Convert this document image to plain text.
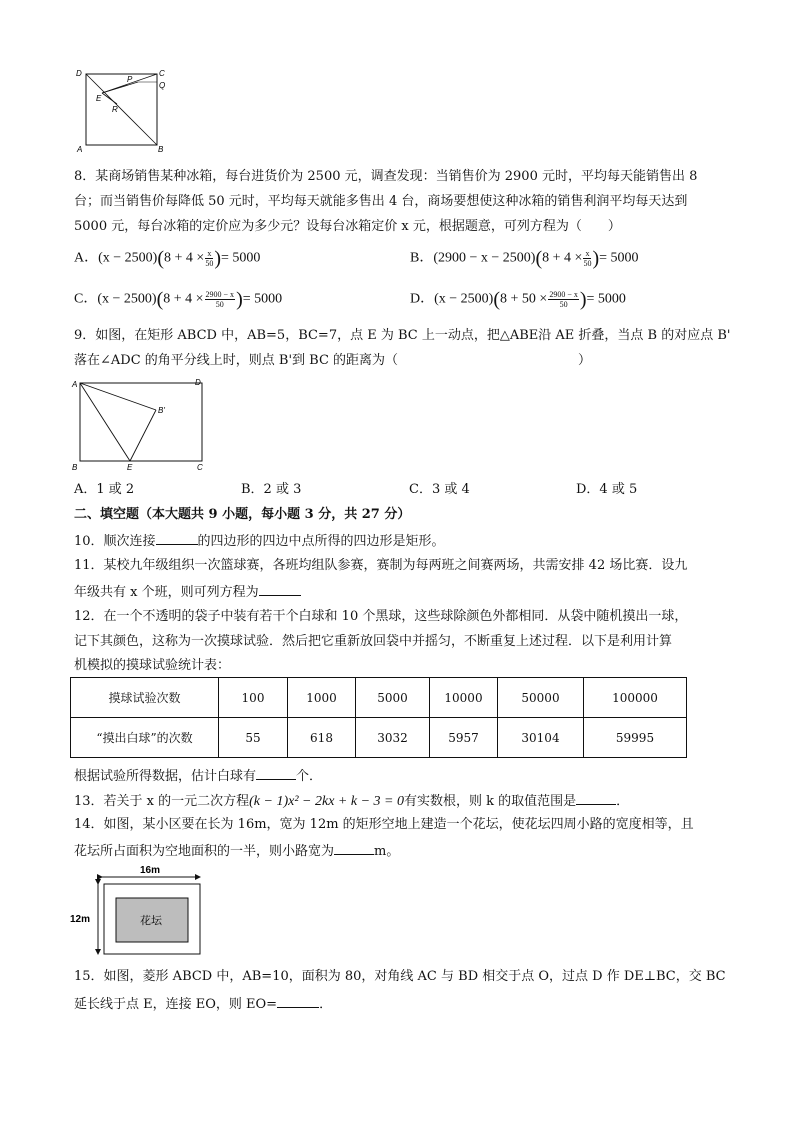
D	C
P
Q
E
R
A	B
8．某商场销售某种冰箱，每台进货价为 2500 元，调查发现：当销售价为 2900 元时，平均每天能销售出 8
台；而当销售价每降低 50 元时，平均每天就能多售出 4 台，商场要想使这种冰箱的销售利润平均每天达到
5000 元，每台冰箱的定价应为多少元？设每台冰箱定价 x 元，根据题意，可列方程为（　　）
A．$(x - 2500)(8 + 4 \times \frac{x}{50}$ )= 5000	B．$(2900 - x - 2500)(8 + 4 \times \frac{x}{50}$ )= 5000
C．$(x - 2500)(8 + 4 \times \frac{2900 - x}{50}$ )= 5000	D．$(x - 2500)(8 + 50 \times \frac{2900 - x}{50}$ )= 5000
9．如图，在矩形 ABCD 中，AB=5，BC=7，点 E 为 BC 上一动点，把△ABE沿 AE 折叠，当点 B 的对应点 B'
落在∠ADC 的角平分线上时，则点 B'到 BC 的距离为（	）
A	D
B'
B	E	C
A．1 或 2	B．2 或 3	C．3 或 4	D．4 或 5
二、填空题（本大题共 9 小题，每小题 3 分，共 27 分）
10．顺次连接	的四边形的四边中点所得的四边形是矩形。
11．某校九年级组织一次篮球赛，各班均组队参赛，赛制为每两班之间赛两场，共需安排 42 场比赛．设九
年级共有 x 个班，则可列方程为
12．在一个不透明的袋子中装有若干个白球和 10 个黑球，这些球除颜色外都相同．从袋中随机摸出一球，
记下其颜色，这称为一次摸球试验．然后把它重新放回袋中并摇匀，不断重复上述过程．以下是利用计算
机模拟的摸球试验统计表：
摸球试验次数	100	1000	5000	10000	50000	100000
“摸出白球”的次数	55	618	3032	5957	30104	59995
根据试验所得数据，估计白球有	个．
13．若关于 x 的一元二次方程(k − 1)x² − 2kx + k − 3 = 0有实数根，则 k 的取值范围是	．
14．如图，某小区要在长为 16m，宽为 12m 的矩形空地上建造一个花坛，使花坛四周小路的宽度相等，且
花坛所占面积为空地面积的一半，则小路宽为	m。
16m
12m	花坛
15．如图，菱形 ABCD 中，AB=10，面积为 80，对角线 AC 与 BD 相交于点 O，过点 D 作 DE⊥BC，交 BC
延长线于点 E，连接 EO，则 EO=	．
